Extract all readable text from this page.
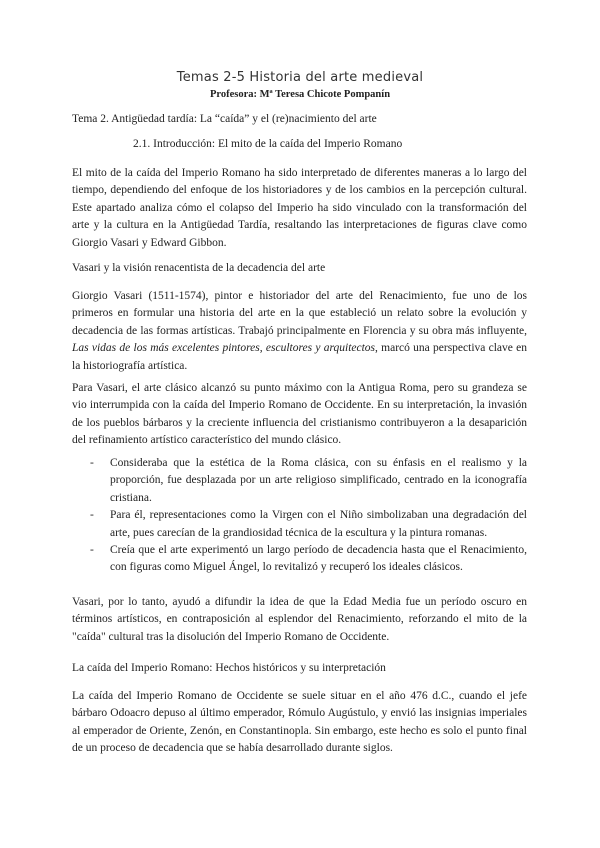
Temas 2-5 Historia del arte medieval
Profesora: Mª Teresa Chicote Pompanín
Tema 2. Antigüedad tardía: La “caída” y el (re)nacimiento del arte
2.1. Introducción: El mito de la caída del Imperio Romano

El mito de la caída del Imperio Romano ha sido interpretado de diferentes maneras a lo largo del tiempo, dependiendo del enfoque de los historiadores y de los cambios en la percepción cultural. Este apartado analiza cómo el colapso del Imperio ha sido vinculado con la transformación del arte y la cultura en la Antigüedad Tardía, resaltando las interpretaciones de figuras clave como Giorgio Vasari y Edward Gibbon.

Vasari y la visión renacentista de la decadencia del arte

Giorgio Vasari (1511-1574), pintor e historiador del arte del Renacimiento, fue uno de los primeros en formular una historia del arte en la que estableció un relato sobre la evolución y decadencia de las formas artísticas. Trabajó principalmente en Florencia y su obra más influyente, Las vidas de los más excelentes pintores, escultores y arquitectos, marcó una perspectiva clave en la historiografía artística.

Para Vasari, el arte clásico alcanzó su punto máximo con la Antigua Roma, pero su grandeza se vio interrumpida con la caída del Imperio Romano de Occidente. En su interpretación, la invasión de los pueblos bárbaros y la creciente influencia del cristianismo contribuyeron a la desaparición del refinamiento artístico característico del mundo clásico.

- Consideraba que la estética de la Roma clásica, con su énfasis en el realismo y la proporción, fue desplazada por un arte religioso simplificado, centrado en la iconografía cristiana.
- Para él, representaciones como la Virgen con el Niño simbolizaban una degradación del arte, pues carecían de la grandiosidad técnica de la escultura y la pintura romanas.
- Creía que el arte experimentó un largo período de decadencia hasta que el Renacimiento, con figuras como Miguel Ángel, lo revitalizó y recuperó los ideales clásicos.

Vasari, por lo tanto, ayudó a difundir la idea de que la Edad Media fue un período oscuro en términos artísticos, en contraposición al esplendor del Renacimiento, reforzando el mito de la "caída" cultural tras la disolución del Imperio Romano de Occidente.

La caída del Imperio Romano: Hechos históricos y su interpretación

La caída del Imperio Romano de Occidente se suele situar en el año 476 d.C., cuando el jefe bárbaro Odoacro depuso al último emperador, Rómulo Augústulo, y envió las insignias imperiales al emperador de Oriente, Zenón, en Constantinopla. Sin embargo, este hecho es solo el punto final de un proceso de decadencia que se había desarrollado durante siglos.
